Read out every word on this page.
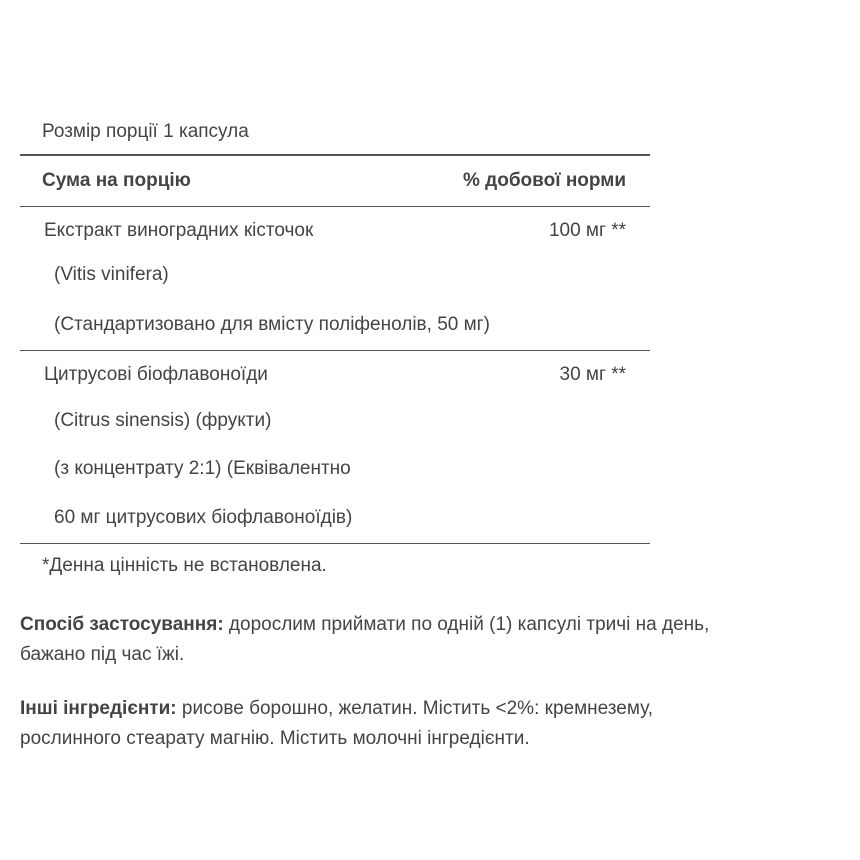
Розмір порції 1 капсула
Сума на порцію	% добової норми
Екстракт виноградних кісточок	100 мг **
(Vitis vinifera)
(Стандартизовано для вмісту поліфенолів, 50 мг)
Цитрусові біофлавоноїди	30 мг **
(Citrus sinensis) (фрукти)
(з концентрату 2:1) (Еквівалентно
60 мг цитрусових біофлавоноїдів)
*Денна цінність не встановлена.
Спосіб застосування: дорослим приймати по одній (1) капсулі тричі на день,
бажано під час їжі.
Інші інгредієнти: рисове борошно, желатин. Містить <2%: кремнезему,
рослинного стеарату магнію. Містить молочні інгредієнти.
